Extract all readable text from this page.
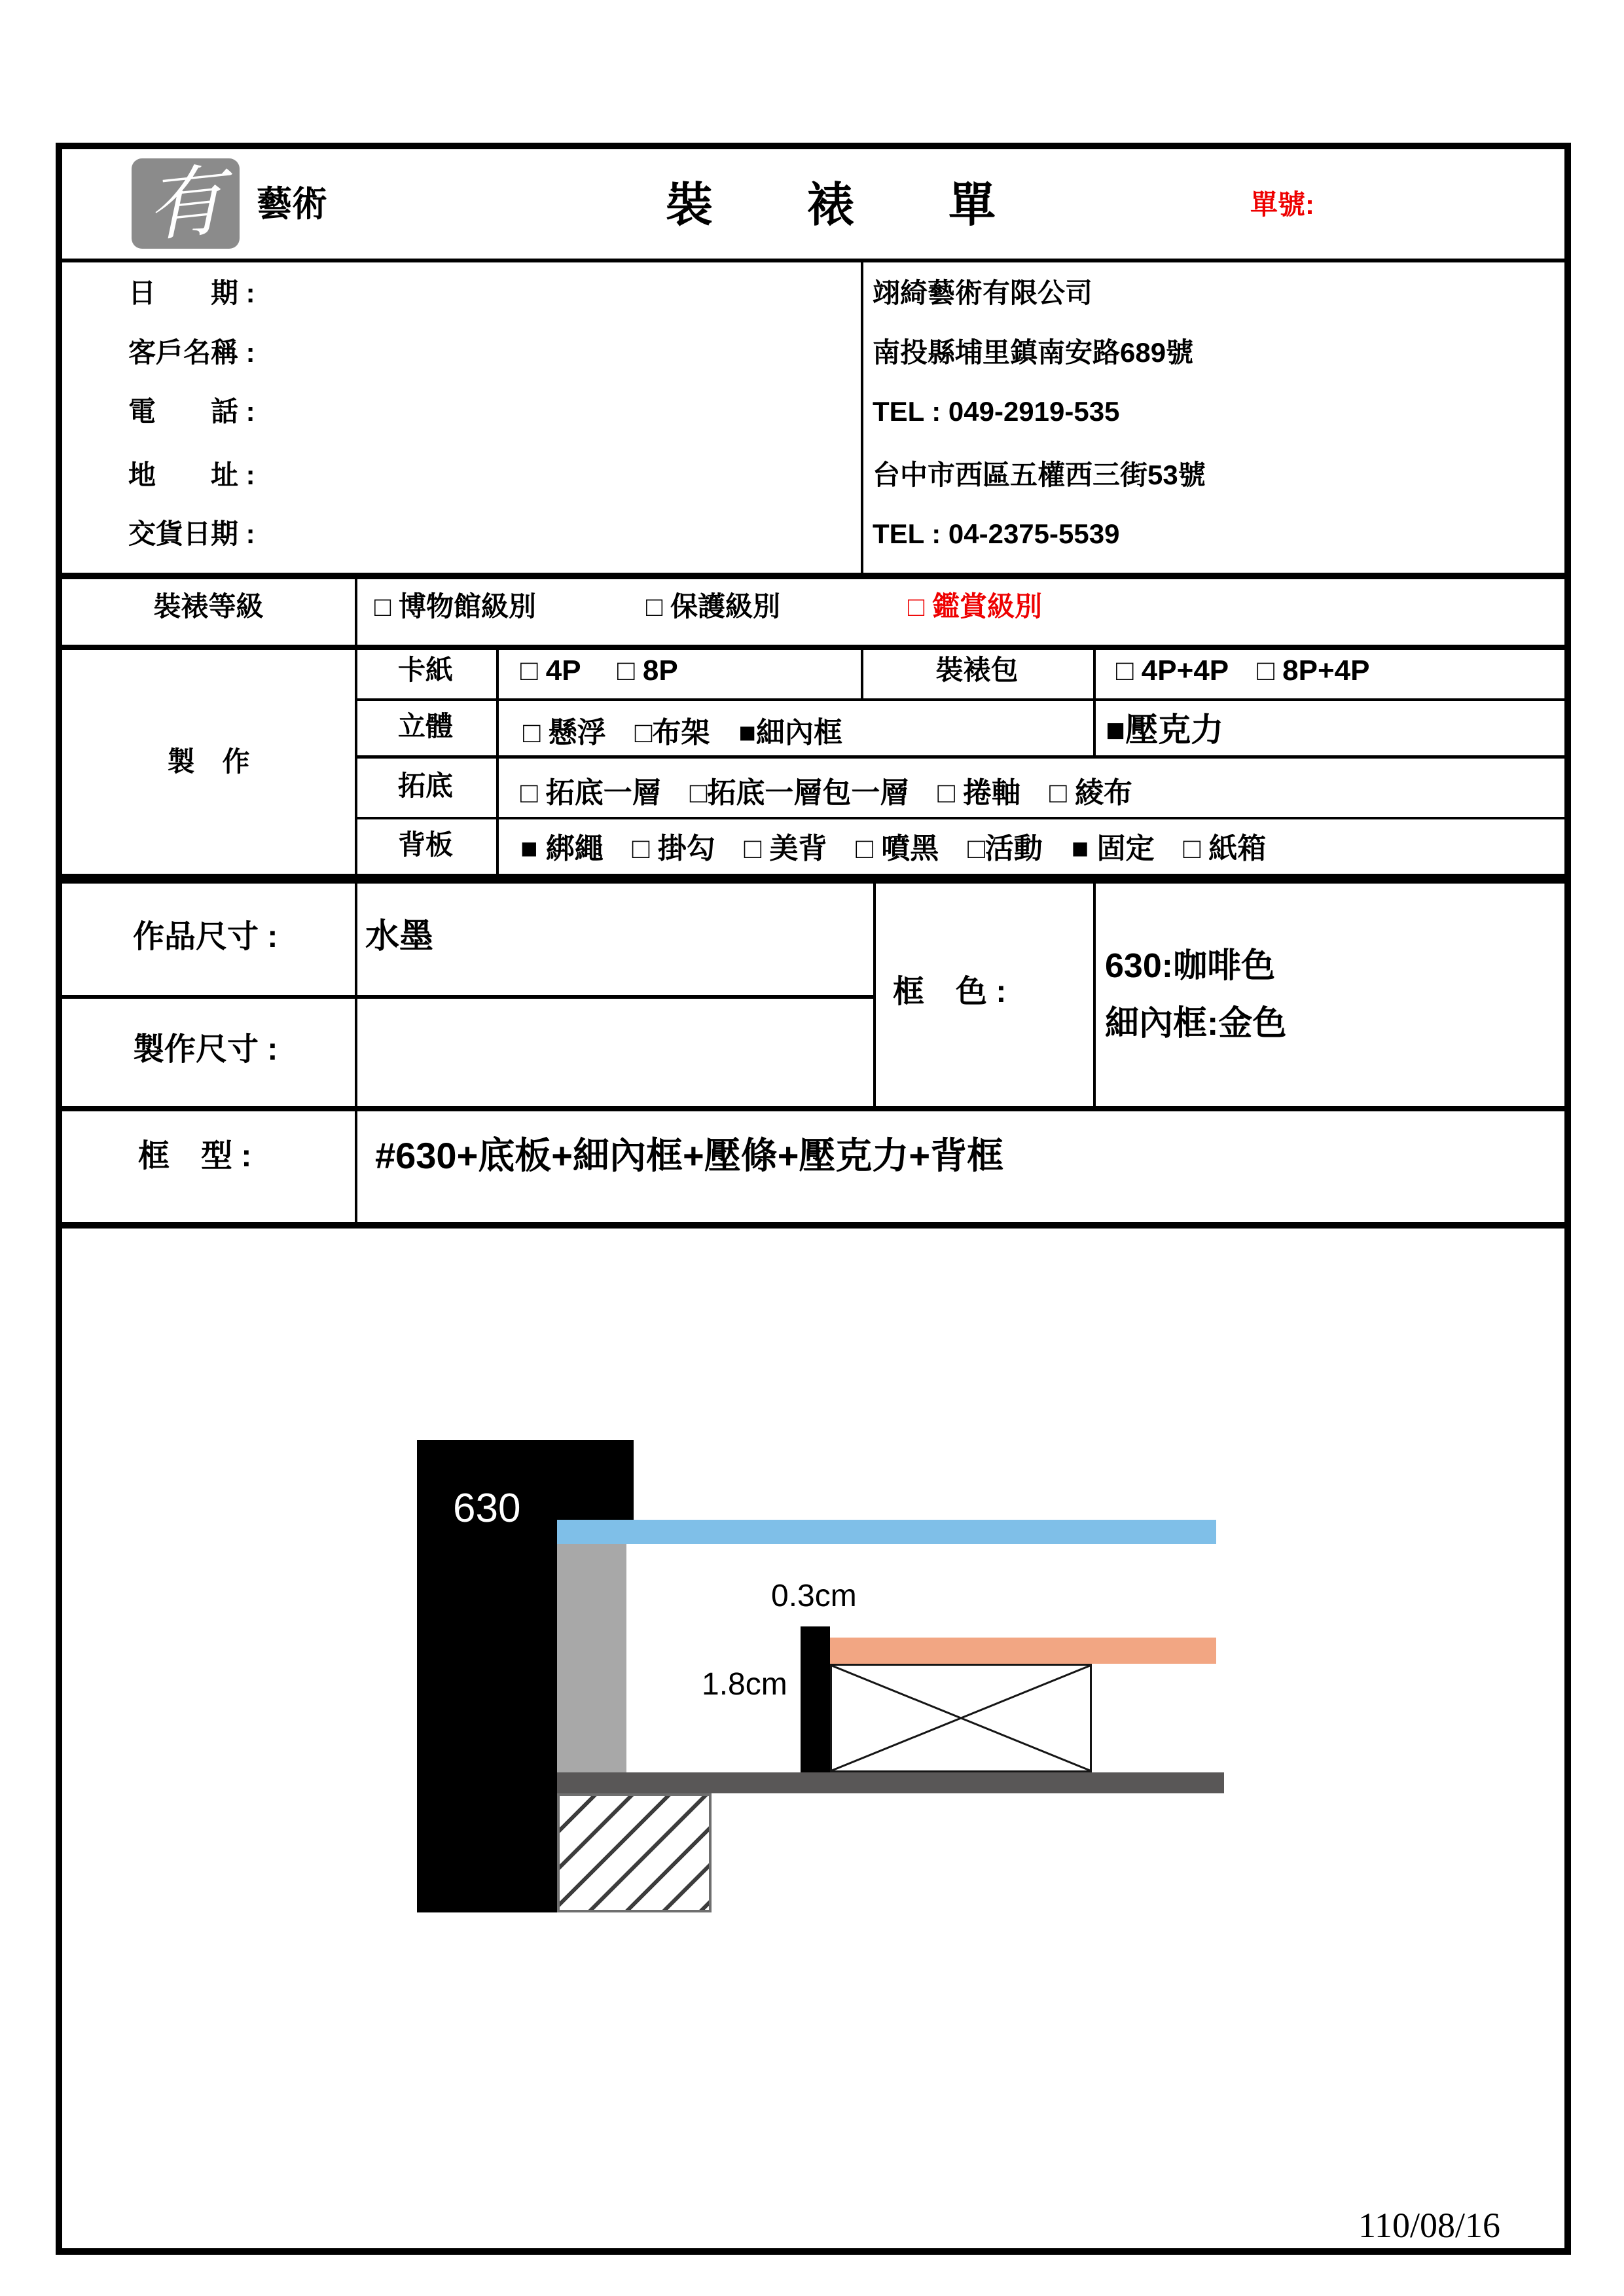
有 藝術	裝　　裱　　單	單號:
日　　期 :
客戶名稱 :
電　　話 :
地　　址 :
交貨日期 :
翊綺藝術有限公司
南投縣埔里鎮南安路689號
TEL : 049-2919-535
台中市西區五權西三街53號
TEL : 04-2375-5539
裝裱等級	□ 博物館級別	□ 保護級別	□ 鑑賞級別
製　作
卡紙	□ 4P　 □ 8P	裝裱包	□ 4P+4P　□ 8P+4P
立體	□ 懸浮　□布架　■細內框	■壓克力
拓底	□ 拓底一層　□拓底一層包一層　□ 捲軸　□ 綾布
背板	■ 綁繩　□ 掛勾　□ 美背　□ 噴黑　□活動　■ 固定　□ 紙箱
作品尺寸 :	水墨
製作尺寸 :
框　色 :
630:咖啡色
細內框:金色
框　型 :	#630+底板+細內框+壓條+壓克力+背框
630
0.3cm
1.8cm
110/08/16
